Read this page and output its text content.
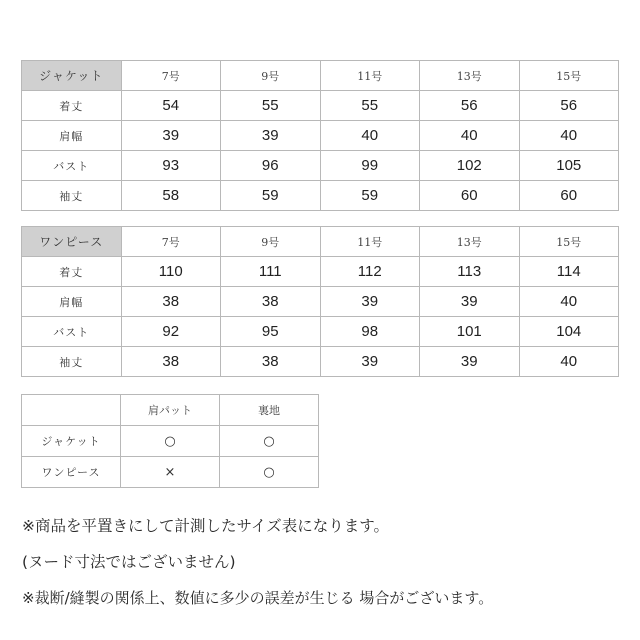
ジャケット	7号	9号	11号	13号	15号
着丈	54	55	55	56	56
肩幅	39	39	40	40	40
バスト	93	96	99	102	105
袖丈	58	59	59	60	60
ワンピース	7号	9号	11号	13号	15号
着丈	110	111	112	113	114
肩幅	38	38	39	39	40
バスト	92	95	98	101	104
袖丈	38	38	39	39	40
	肩パット	裏地
ジャケット	○	○
ワンピース	×	○
※商品を平置きにして計測したサイズ表になります。
(ヌード寸法ではございません)
※裁断/縫製の関係上、数値に多少の誤差が生じる 場合がございます。
